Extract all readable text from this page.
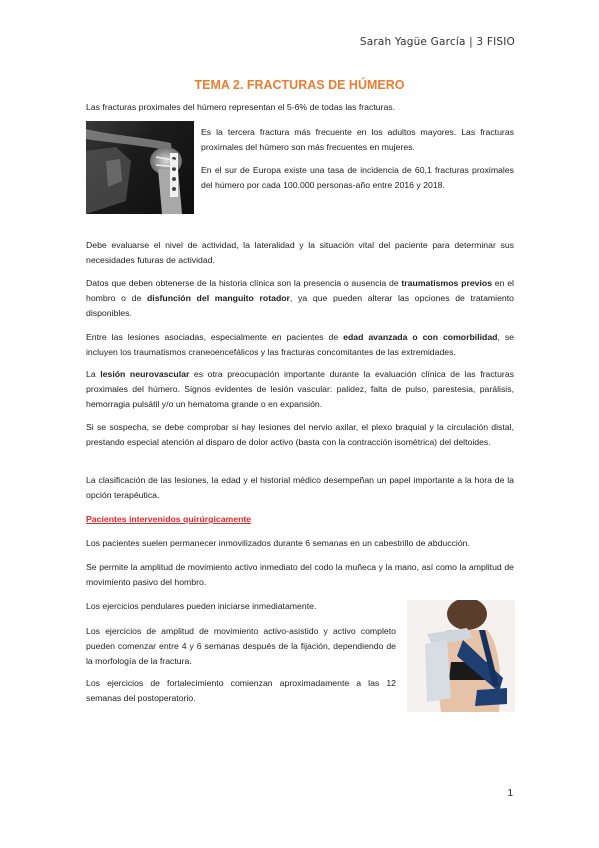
Sarah Yagüe García | 3 FISIO
TEMA 2. FRACTURAS DE HÚMERO

Las fracturas proximales del húmero representan el 5-6% de todas las fracturas.

Es la tercera fractura más frecuente en los adultos mayores. Las fracturas proximales del húmero son más frecuentes en mujeres.

En el sur de Europa existe una tasa de incidencia de 60,1 fracturas proximales del húmero por cada 100.000 personas-año entre 2016 y 2018.

Debe evaluarse el nivel de actividad, la lateralidad y la situación vital del paciente para determinar sus necesidades futuras de actividad.

Datos que deben obtenerse de la historia clínica son la presencia o ausencia de traumatismos previos en el hombro o de disfunción del manguito rotador, ya que pueden alterar las opciones de tratamiento disponibles.

Entre las lesiones asociadas, especialmente en pacientes de edad avanzada o con comorbilidad, se incluyen los traumatismos craneoencefálicos y las fracturas concomitantes de las extremidades.

La lesión neurovascular es otra preocupación importante durante la evaluación clínica de las fracturas proximales del húmero. Signos evidentes de lesión vascular: palidez, falta de pulso, parestesia, parálisis, hemorragia pulsátil y/o un hematoma grande o en expansión.

Si se sospecha, se debe comprobar si hay lesiones del nervio axilar, el plexo braquial y la circulación distal, prestando especial atención al disparo de dolor activo (basta con la contracción isométrica) del deltoides.

La clasificación de las lesiones, la edad y el historial médico desempeñan un papel importante a la hora de la opción terapéutica.

Pacientes intervenidos quirúrgicamente

Los pacientes suelen permanecer inmovilizados durante 6 semanas en un cabestrillo de abducción.

Se permite la amplitud de movimiento activo inmediato del codo la muñeca y la mano, así como la amplitud de movimiento pasivo del hombro.

Los ejercicios pendulares pueden iniciarse inmediatamente.

Los ejercicios de amplitud de movimiento activo-asistido y activo completo pueden comenzar entre 4 y 6 semanas después de la fijación, dependiendo de la morfología de la fractura.

Los ejercicios de fortalecimiento comienzan aproximadamente a las 12 semanas del postoperatorio.

1
